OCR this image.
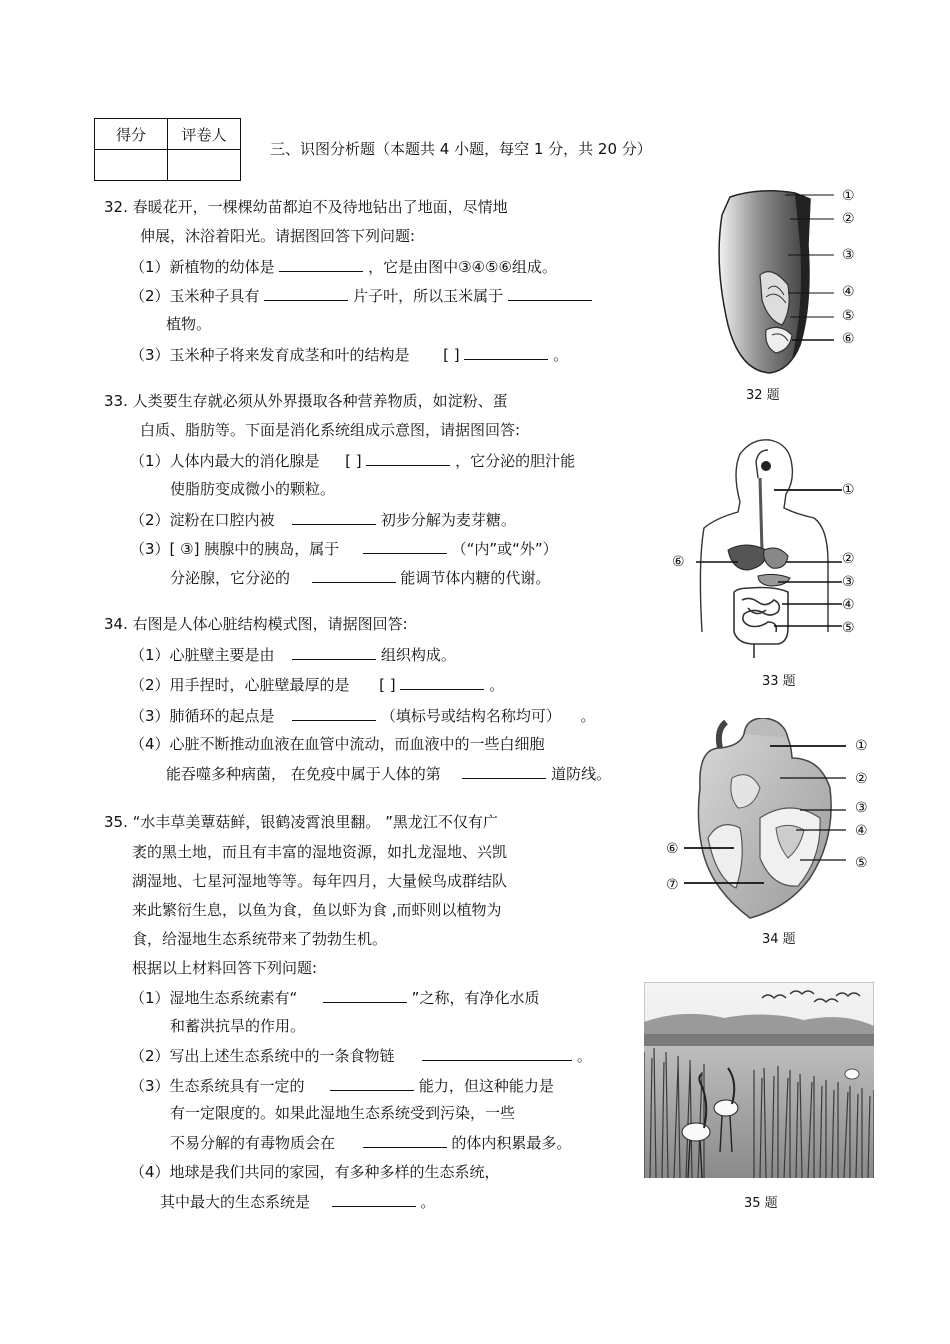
得分	评卷人

三、识图分析题（本题共 4 小题，每空 1 分，共 20 分）
32. 春暖花开，一棵棵幼苗都迫不及待地钻出了地面，尽情地
伸展，沐浴着阳光。请据图回答下列问题:
（1）新植物的幼体是	，它是由图中③④⑤⑥组成。
（2）玉米种子具有	片子叶，所以玉米属于
植物。
（3）玉米种子将来发育成茎和叶的结构是 [ ]	。
①
②
③
④
⑤
⑥
32 题
33. 人类要生存就必须从外界摄取各种营养物质，如淀粉、蛋
白质、脂肪等。下面是消化系统组成示意图，请据图回答:
（1）人体内最大的消化腺是 [ ]	，它分泌的胆汁能
使脂肪变成微小的颗粒。
（2）淀粉在口腔内被	初步分解为麦芽糖。
（3）[ ③] 胰腺中的胰岛，属于	（“内”或“外”）
分泌腺，它分泌的	能调节体内糖的代谢。
①
②
③
④
⑤
⑥
33 题
34. 右图是人体心脏结构模式图，请据图回答:
（1）心脏壁主要是由	组织构成。
（2）用手捏时，心脏壁最厚的是 [ ]	。
（3）肺循环的起点是	（填标号或结构名称均可） 。
（4）心脏不断推动血液在血管中流动，而血液中的一些白细胞
能吞噬多种病菌， 在免疫中属于人体的第	道防线。
①
②
③
④
⑤
⑥
⑦
34 题
35. “水丰草美蕈菇鲜，银鹤凌霄浪里翻。 ”黑龙江不仅有广
袤的黑土地，而且有丰富的湿地资源，如扎龙湿地、兴凯
湖湿地、七星河湿地等等。每年四月，大量候鸟成群结队
来此繁衍生息，以鱼为食，鱼以虾为食 ,而虾则以植物为
食，给湿地生态系统带来了勃勃生机。
根据以上材料回答下列问题:
（1）湿地生态系统素有“	”之称，有净化水质
和蓄洪抗旱的作用。
（2）写出上述生态系统中的一条食物链	。
（3）生态系统具有一定的	能力，但这种能力是
有一定限度的。如果此湿地生态系统受到污染，一些
不易分解的有毒物质会在	的体内积累最多。
（4）地球是我们共同的家园，有多种多样的生态系统，
其中最大的生态系统是	。	35 题
